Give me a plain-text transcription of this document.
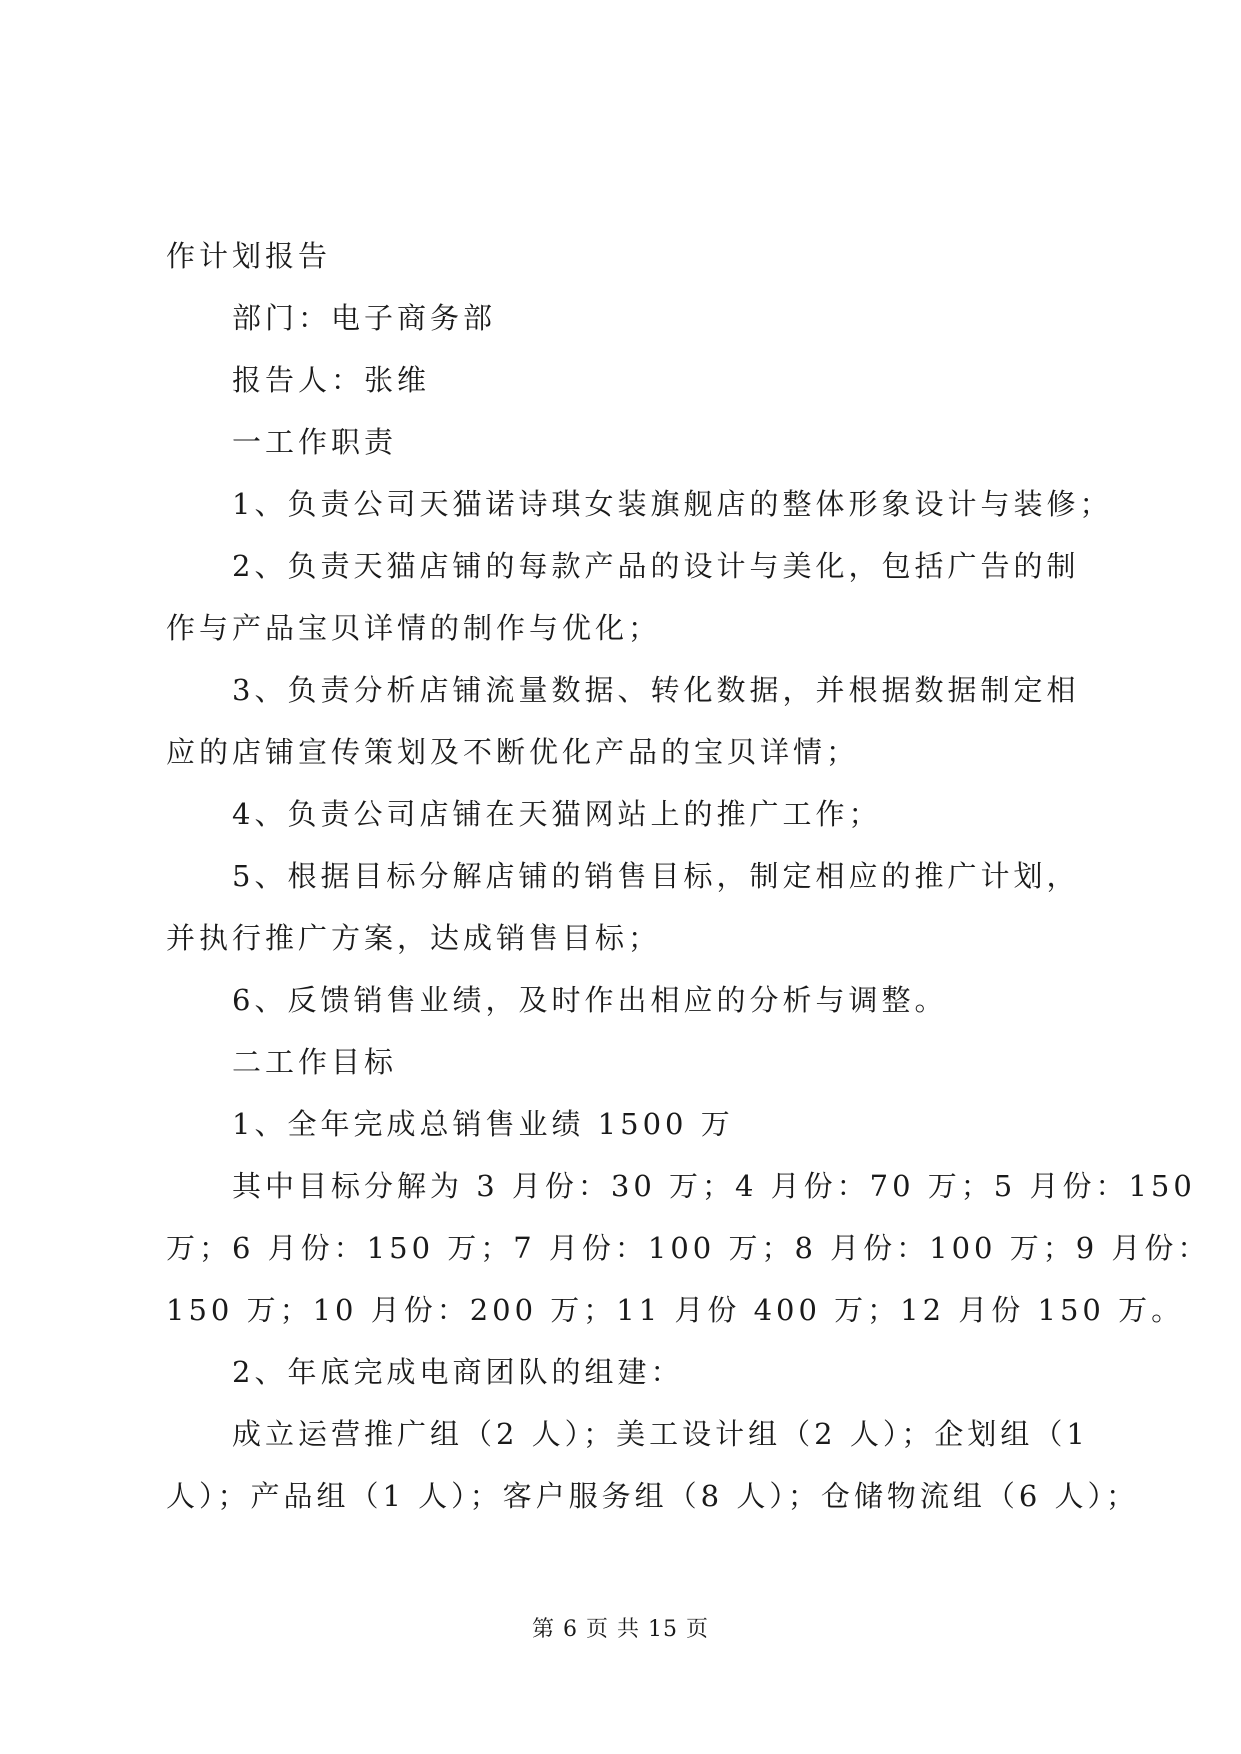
作计划报告
部门：电子商务部
报告人：张维
一工作职责
1、负责公司天猫诺诗琪女装旗舰店的整体形象设计与装修；
2、负责天猫店铺的每款产品的设计与美化，包括广告的制
作与产品宝贝详情的制作与优化；
3、负责分析店铺流量数据、转化数据，并根据数据制定相
应的店铺宣传策划及不断优化产品的宝贝详情；
4、负责公司店铺在天猫网站上的推广工作；
5、根据目标分解店铺的销售目标，制定相应的推广计划，
并执行推广方案，达成销售目标；
6、反馈销售业绩，及时作出相应的分析与调整。
二工作目标
1、全年完成总销售业绩 1500 万
其中目标分解为 3 月份：30 万；4 月份：70 万；5 月份：150
万；6 月份：150 万；7 月份：100 万；8 月份：100 万；9 月份：
150 万；10 月份：200 万；11 月份 400 万；12 月份 150 万。
2、年底完成电商团队的组建：
成立运营推广组（2 人）；美工设计组（2 人）；企划组（1
人）；产品组（1 人）；客户服务组（8 人）；仓储物流组（6 人）；
第 6 页 共 15 页
